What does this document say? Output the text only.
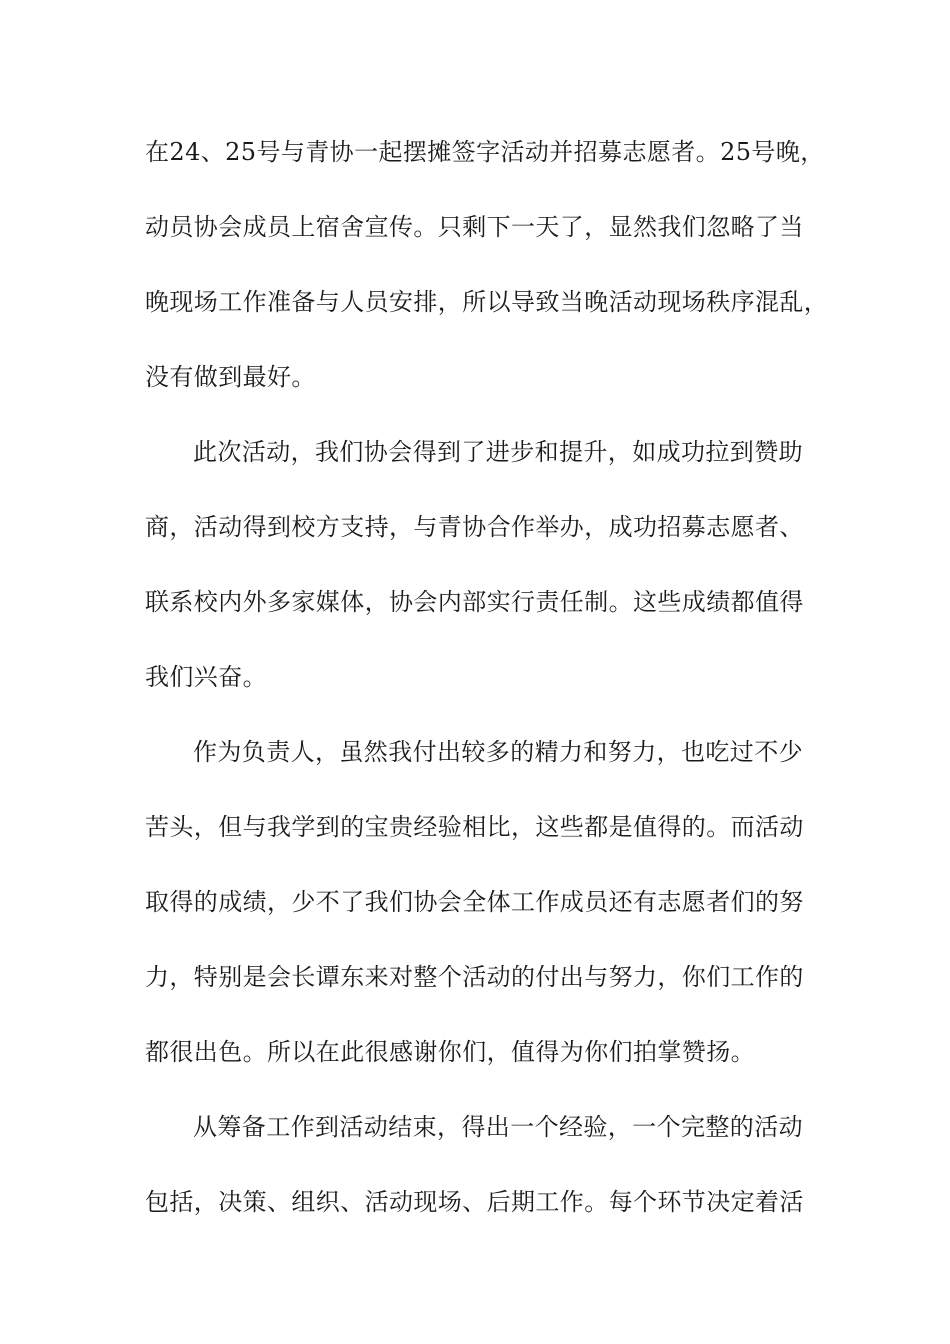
在24、25号与青协一起摆摊签字活动并招募志愿者。25号晚，
动员协会成员上宿舍宣传。只剩下一天了，显然我们忽略了当
晚现场工作准备与人员安排，所以导致当晚活动现场秩序混乱，
没有做到最好。
此次活动，我们协会得到了进步和提升，如成功拉到赞助
商，活动得到校方支持，与青协合作举办，成功招募志愿者、
联系校内外多家媒体，协会内部实行责任制。这些成绩都值得
我们兴奋。
作为负责人，虽然我付出较多的精力和努力，也吃过不少
苦头，但与我学到的宝贵经验相比，这些都是值得的。而活动
取得的成绩，少不了我们协会全体工作成员还有志愿者们的努
力，特别是会长谭东来对整个活动的付出与努力，你们工作的
都很出色。所以在此很感谢你们，值得为你们拍掌赞扬。
从筹备工作到活动结束，得出一个经验，一个完整的活动
包括，决策、组织、活动现场、后期工作。每个环节决定着活
